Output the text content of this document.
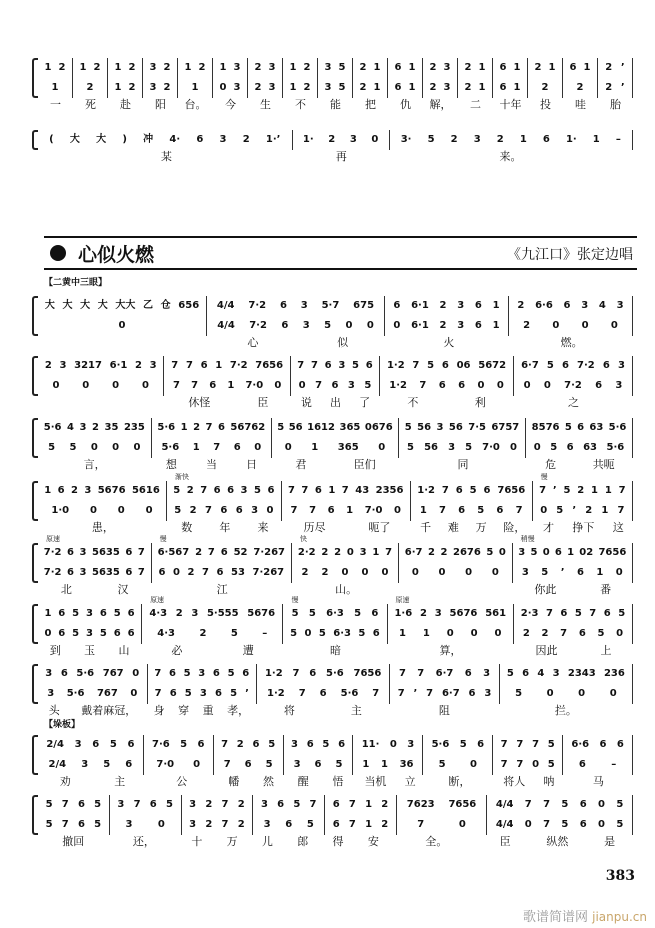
1 2
1
1 2
2
1 2
1 2
3 2
3 2
1 2
1
1 3
0 3
2 3
2 3
1 2
1 2
3 5
3 5
2 1
2 1
6 1
6 1
2 3
2 3
2 1
2 1
6 1
6 1
2 1
2
6 1
2
2 ’
2 ’
一 死 赴 阳 台。 今 生 不 能 把 仇 解， 二 十年 投 哇 胎
( 大 大 ) 冲 4· 6 3 2 1·’ 1· 2 3 0 3· 5 2 3 2 1 6 1· 1 –
某	再	来。
心似火燃	《九江口》张定边唱
【二黄中三眼】
大 大 大 大 大大 乙 仓 656
0
4/4 7·2 6 3 5·7 675
4/4 7·2 6 3 5 0 0
6 6·1 2 3 6 1
0 6·1 2 3 6 1
2 6·6 6 3 4 3
2 0 0 0
心	似	火	燃。
2 3 3217 6·1 2 3
0 0 0 0
7 7 6 1 7·2 7656
7 7 6 1 7·0 0
7 7 6 3 5 6
0 7 6 3 5
1·2 7 5 6 06 5672
1·2 7 6 6 0 0
6·7 5 6 7·2 6 3
0 0 7·2 6 3
休怪	臣	说 出 了	不	利	之
5·6 4 3 2 35 235
5 5 0 0 0
5·6 1 2 7 6 56762
5·6 1 7 6 0
5 56 1612 365 0676
0 1 365 0
5 56 3 56 7·5 6757
5 56 3 5 7·0 0
8576 5 6 63 5·6
0 5 6 63 5·6
言，	想	当	日	君	臣们	同	危	共呃
1 6 2 3 5676 5616
1·0 0 0 0
渐快
5 2 7 6 6 3 5 6
5 2 7 6 6 3 0
7 7 6 1 7 43 2356
7 7 6 1 7·0 0
1·2 7 6 5 6 7656
1 7 6 5 6 7
慢
7 ’ 5 2 1 1 7
0 5 ’ 2 1 7
患，	数 年 来	历尽	呃了	千 难 万 险， 才 挣下 这
原速
7·2 6 3 5635 6 7
7·2 6 3 5635 6 7
慢
6·567 2 7 6 52 7·267
6 0 2 7 6 53 7·267
快
2·2 2 2 0 3 1 7
2 2 0 0 0
6·7 2 2 2676 5 0
0 0 0 0
稍慢
3 5 0 6 1 02 7656
3 5 ’ 6 1 0
北	汉	江	山。	你此	番
1 6 5 3 6 5 6
0 6 5 3 5 6 6
原速
4·3 2 3 5·555 5676
4·3 2 5 –
慢
5 5 6·3 5 6
5 0 5 6·3 5 6
原速
1·6 2 3 5676 561
1 1 0 0 0
2·3 7 6 5 7 6 5
2 2 7 6 5 0
到 玉 山	必	遭	暗	算，	因此	上
3 6 5·6 767 0
3 5·6 767 0
7 6 5 3 6 5 6
7 6 5 3 6 5 ’
1·2 7 6 5·6 7656
1·2 7 6 5·6 7
7 7 6·7 6 3
7 ’ 7 6·7 6 3
5 6 4 3 2343 236
5 0 0 0
头 戴着麻冠， 身 穿 重 孝，	将	主	阻	拦。
【垛板】
2/4 3 6 5 6
2/4 3 5 6
7·6 5 6
7·0 0
7 2 6 5
7 6 5
3 6 5 6
3 6 5
11· 0 3
1 1 36
5·6 5 6
5 0
7 7 7 5
7 7 0 5
6·6 6 6
6	–
劝	主	公	幡 然 醒 悟 当机 立	断，	将人 呐	马
5 7 6 5
5 7 6 5
3 7 6 5
3	0
3 2 7 2
3 2 7 2
3 6 5 7
3 6 5
6 7 1 2
6 7 1 2
7623 7656
7	0
4/4 7 7 5 6 0 5
4/4 0 7 5 6 0 5
撤回	还，	十 万 儿 郎 得 安	全。	臣	纵然	是
383
歌谱简谱网 jianpu.cn
